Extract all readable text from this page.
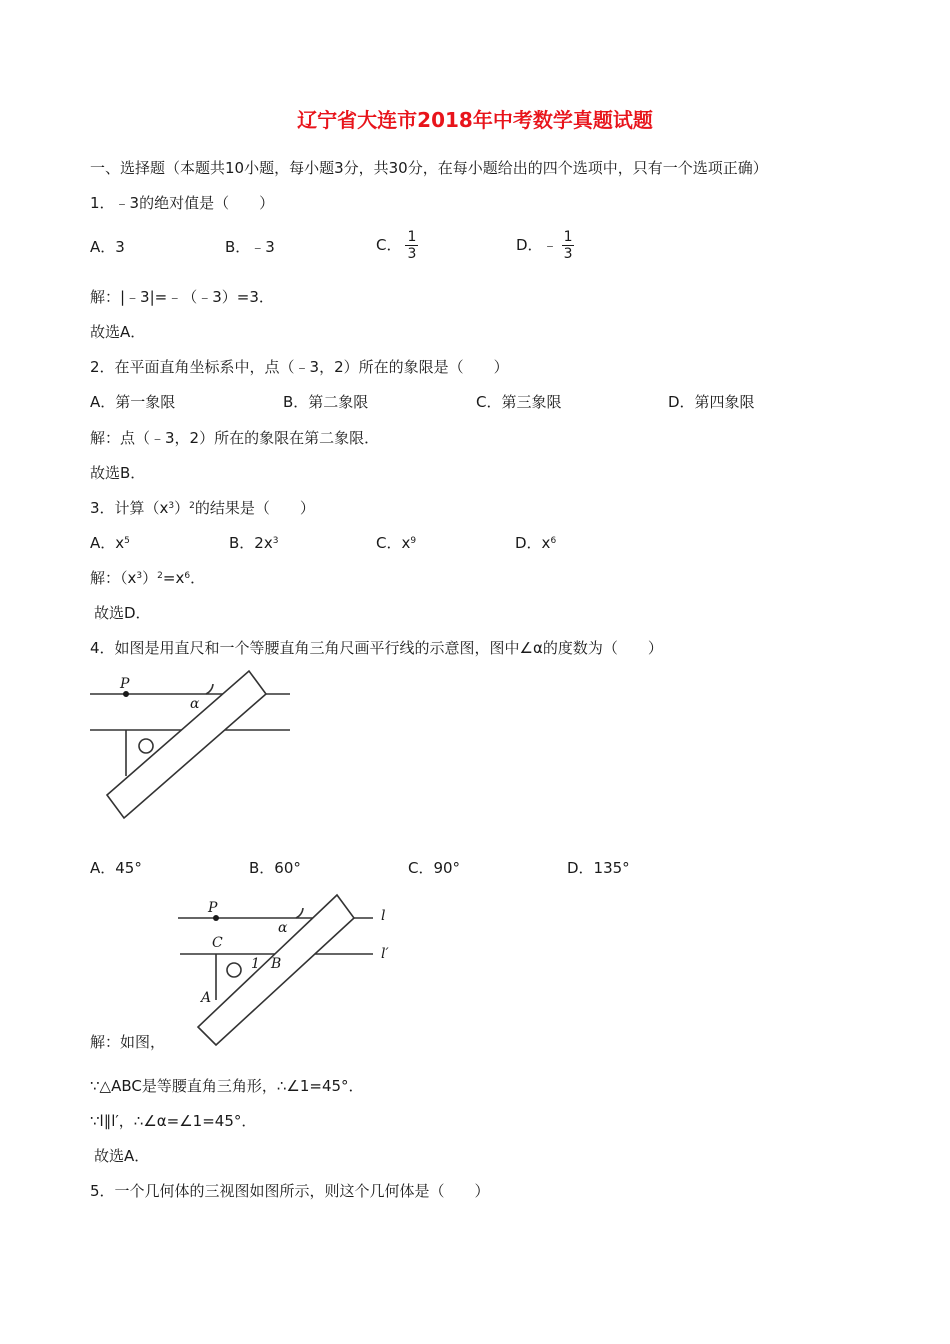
辽宁省大连市2018年中考数学真题试题
一、选择题（本题共10小题，每小题3分，共30分，在每小题给出的四个选项中，只有一个选项正确）
1．﹣3的绝对值是（　　）
A．3	B．﹣3	C． $\frac{1}{3}$	D．﹣ $\frac{1}{3}$
解：|﹣3|=﹣（﹣3）=3．
故选A．
2．在平面直角坐标系中，点（﹣3，2）所在的象限是（　　）
A．第一象限	B．第二象限	C．第三象限	D．第四象限
解：点（﹣3，2）所在的象限在第二象限．
故选B．
3．计算$(x^3)^2$的结果是（　　）
A．$x^5$	B．$2x^3$	C．$x^9$	D．$x^6$
解：$(x^3)^2=x^6$．
故选D．
4．如图是用直尺和一个等腰直角三角尺画平行线的示意图，图中∠α的度数为（　　）
P
α
A．45°	B．60°	C．90°	D．135°
P
α
C
1 B
A
l
l′
解：如图，
∵△ABC是等腰直角三角形，∴∠1=45°．
∵l∥l′，∴∠α=∠1=45°．
故选A．
5．一个几何体的三视图如图所示，则这个几何体是（　　）
